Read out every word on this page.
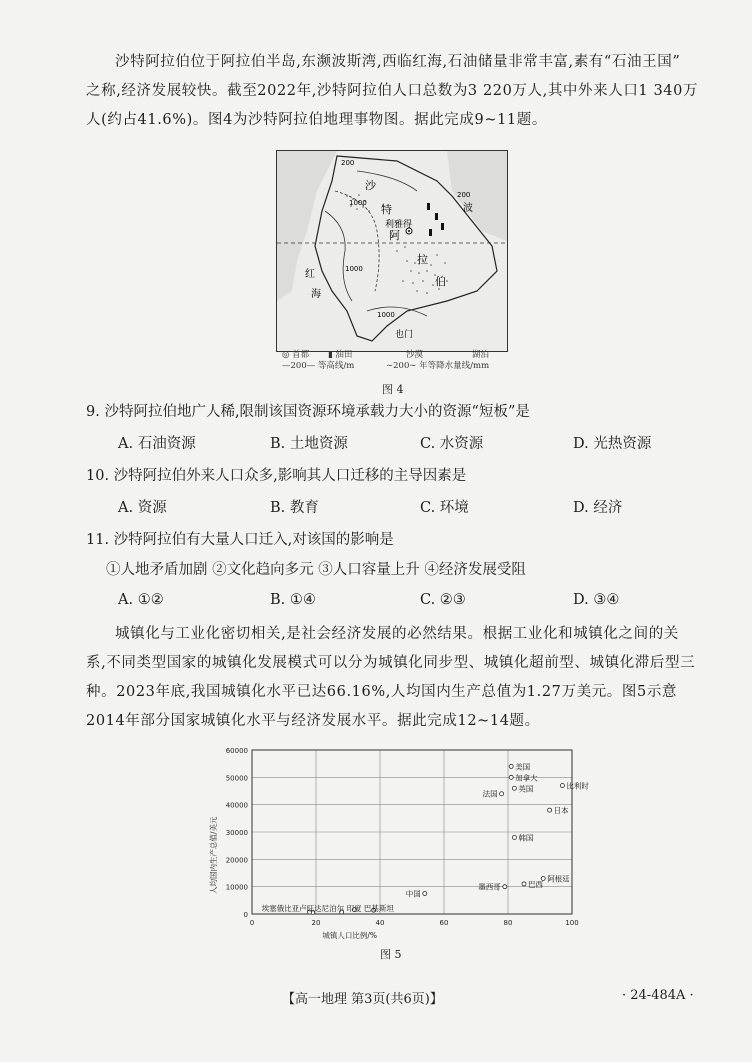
沙特阿拉伯位于阿拉伯半岛,东濒波斯湾,西临红海,石油储量非常丰富,素有“石油王国”

之称,经济发展较快。截至2022年,沙特阿拉伯人口总数为3 220万人,其中外来人口1 340万
人(约占41.6%)。图4为沙特阿拉伯地理事物图。据此完成9~11题。
沙
特
阿
拉
伯
利雅得
红
海
波
也门
200
1000
200
1000
1000
◎ 首都 ▮ 油田	沙漠	湖泊
—200— 等高线/m	∼200∼ 年等降水量线/mm
图 4
9. 沙特阿拉伯地广人稀,限制该国资源环境承载力大小的资源“短板”是
A. 石油资源	B. 土地资源	C. 水资源	D. 光热资源
10. 沙特阿拉伯外来人口众多,影响其人口迁移的主导因素是
A. 资源	B. 教育	C. 环境	D. 经济
11. 沙特阿拉伯有大量人口迁入,对该国的影响是
①人地矛盾加剧 ②文化趋向多元 ③人口容量上升 ④经济发展受阻
A. ①②	B. ①④	C. ②③	D. ③④

城镇化与工业化密切相关,是社会经济发展的必然结果。根据工业化和城镇化之间的关

系,不同类型国家的城镇化发展模式可以分为城镇化同步型、城镇化超前型、城镇化滞后型三
种。2023年底,我国城镇化水平已达66.16%,人均国内生产总值为1.27万美元。图5示意
2014年部分国家城镇化水平与经济发展水平。据此完成12~14题。
0
10000
20000
30000
40000
50000
60000
0	20	40	60	80	100
城镇人口比例/%
人均国内生产总值/美元
美国
加拿大
英国	比利时
法国
日本
韩国
阿根廷
巴西
墨西哥
中国
埃塞俄比亚卢旺达尼泊尔 印度 巴基斯坦
图 5
【高一地理 第3页(共6页)】	· 24-484A ·
